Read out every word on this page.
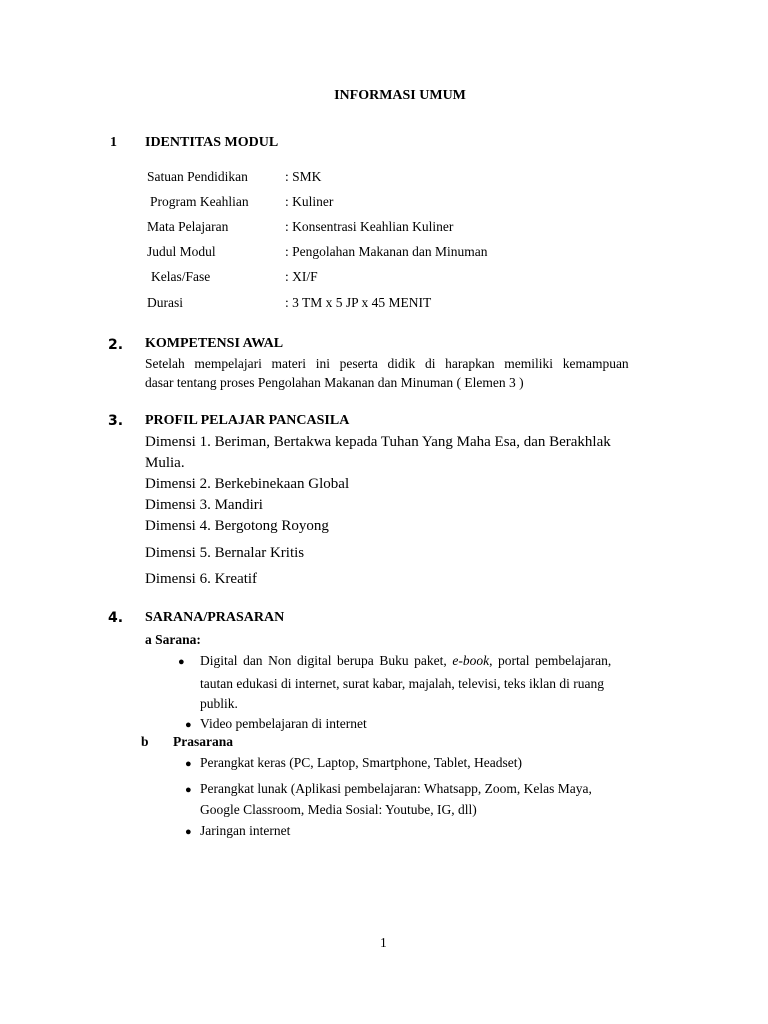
INFORMASI UMUM
1 IDENTITAS MODUL
Satuan Pendidikan	: SMK
Program Keahlian	: Kuliner
Mata Pelajaran	: Konsentrasi Keahlian Kuliner
Judul Modul	: Pengolahan Makanan dan Minuman
Kelas/Fase	: XI/F
Durasi	: 3 TM x 5 JP x 45 MENIT
2. KOMPETENSI AWAL
Setelah mempelajari materi ini peserta didik di harapkan memiliki kemampuan
dasar tentang proses Pengolahan Makanan dan Minuman ( Elemen 3 )
3. PROFIL PELAJAR PANCASILA
Dimensi 1. Beriman, Bertakwa kepada Tuhan Yang Maha Esa, dan Berakhlak
Mulia.
Dimensi 2. Berkebinekaan Global
Dimensi 3. Mandiri
Dimensi 4. Bergotong Royong
Dimensi 5. Bernalar Kritis
Dimensi 6. Kreatif
4. SARANA/PRASARAN
a Sarana:
● Digital dan Non digital berupa Buku paket, e-book, portal pembelajaran,
tautan edukasi di internet, surat kabar, majalah, televisi, teks iklan di ruang
publik.
● Video pembelajaran di internet
b Prasarana
● Perangkat keras (PC, Laptop, Smartphone, Tablet, Headset)
● Perangkat lunak (Aplikasi pembelajaran: Whatsapp, Zoom, Kelas Maya,
Google Classroom, Media Sosial: Youtube, IG, dll)
● Jaringan internet
1
